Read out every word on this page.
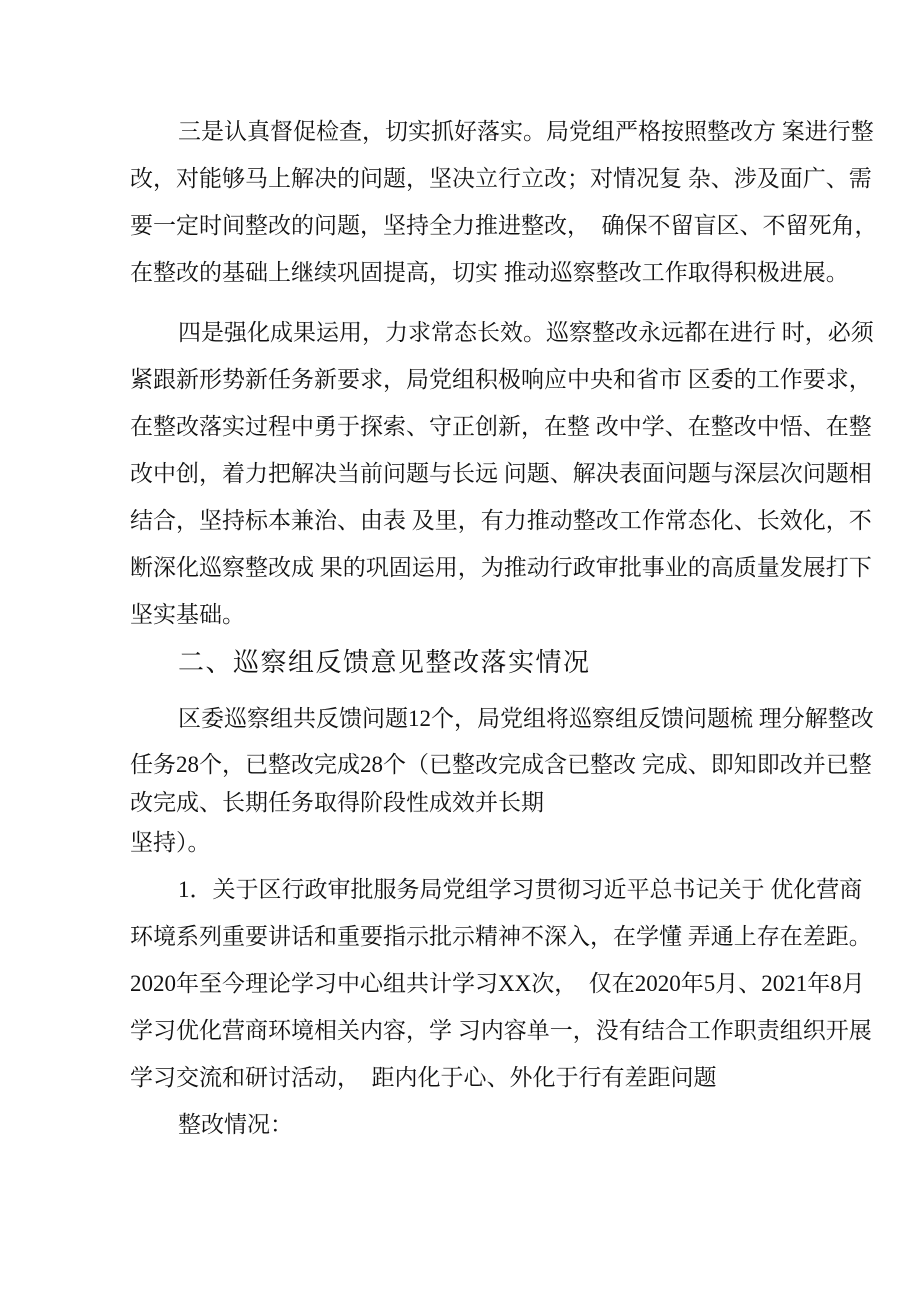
三是认真督促检查，切实抓好落实。局党组严格按照整改方 案进行整
改，对能够马上解决的问题，坚决立行立改；对情况复 杂、涉及面广、需
要一定时间整改的问题，坚持全力推进整改，  确保不留盲区、不留死角，
在整改的基础上继续巩固提高，切实 推动巡察整改工作取得积极进展。
四是强化成果运用，力求常态长效。巡察整改永远都在进行 时，必须
紧跟新形势新任务新要求，局党组积极响应中央和省市 区委的工作要求，
在整改落实过程中勇于探索、守正创新，在整 改中学、在整改中悟、在整
改中创，着力把解决当前问题与长远 问题、解决表面问题与深层次问题相
结合，坚持标本兼治、由表 及里，有力推动整改工作常态化、长效化，不
断深化巡察整改成 果的巩固运用，为推动行政审批事业的高质量发展打下
坚实基础。
二、巡察组反馈意见整改落实情况
区委巡察组共反馈问题12个，局党组将巡察组反馈问题梳 理分解整改
任务28个，已整改完成28个（已整改完成含已整改 完成、即知即改并已整
改完成、长期任务取得阶段性成效并长期
坚持）。
1．关于区行政审批服务局党组学习贯彻习近平总书记关于 优化营商
环境系列重要讲话和重要指示批示精神不深入，在学懂 弄通上存在差距。
2020年至今理论学习中心组共计学习XX次，  仅在2020年5月、2021年8月
学习优化营商环境相关内容，学 习内容单一，没有结合工作职责组织开展
学习交流和研讨活动，  距内化于心、外化于行有差距问题
整改情况：
